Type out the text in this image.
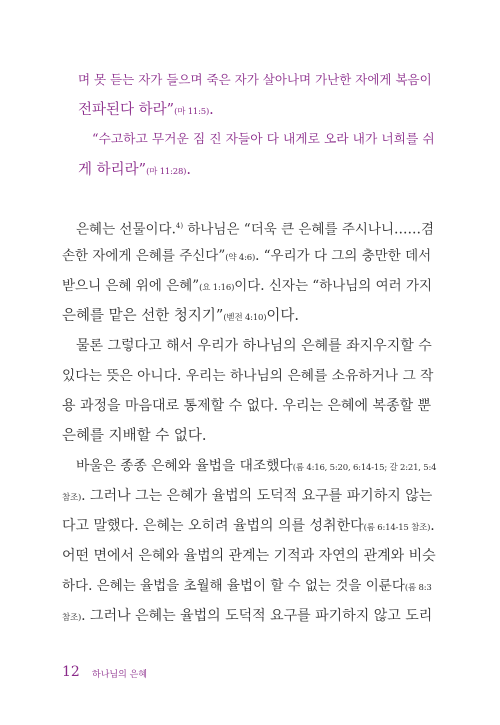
며 못 듣는 자가 들으며 죽은 자가 살아나며 가난한 자에게 복음이
전파된다 하라”(마 11:5).
“수고하고 무거운 짐 진 자들아 다 내게로 오라 내가 너희를 쉬
게 하리라”(마 11:28).
은혜는 선물이다.$^{4)}$ 하나님은 “더욱 큰 은혜를 주시나니……겸
손한 자에게 은혜를 주신다”(약 4:6). “우리가 다 그의 충만한 데서
받으니 은혜 위에 은혜”(요 1:16)이다. 신자는 “하나님의 여러 가지
은혜를 맡은 선한 청지기”(벧전 4:10)이다.
물론 그렇다고 해서 우리가 하나님의 은혜를 좌지우지할 수
있다는 뜻은 아니다. 우리는 하나님의 은혜를 소유하거나 그 작
용 과정을 마음대로 통제할 수 없다. 우리는 은혜에 복종할 뿐
은혜를 지배할 수 없다.
바울은 종종 은혜와 율법을 대조했다(롬 4:16, 5:20, 6:14-15; 갈 2:21, 5:4
참조). 그러나 그는 은혜가 율법의 도덕적 요구를 파기하지 않는
다고 말했다. 은혜는 오히려 율법의 의를 성취한다(롬 6:14-15 참조).
어떤 면에서 은혜와 율법의 관계는 기적과 자연의 관계와 비슷
하다. 은혜는 율법을 초월해 율법이 할 수 없는 것을 이룬다(롬 8:3
참조). 그러나 은혜는 율법의 도덕적 요구를 파기하지 않고 도리
12 하나님의 은혜
